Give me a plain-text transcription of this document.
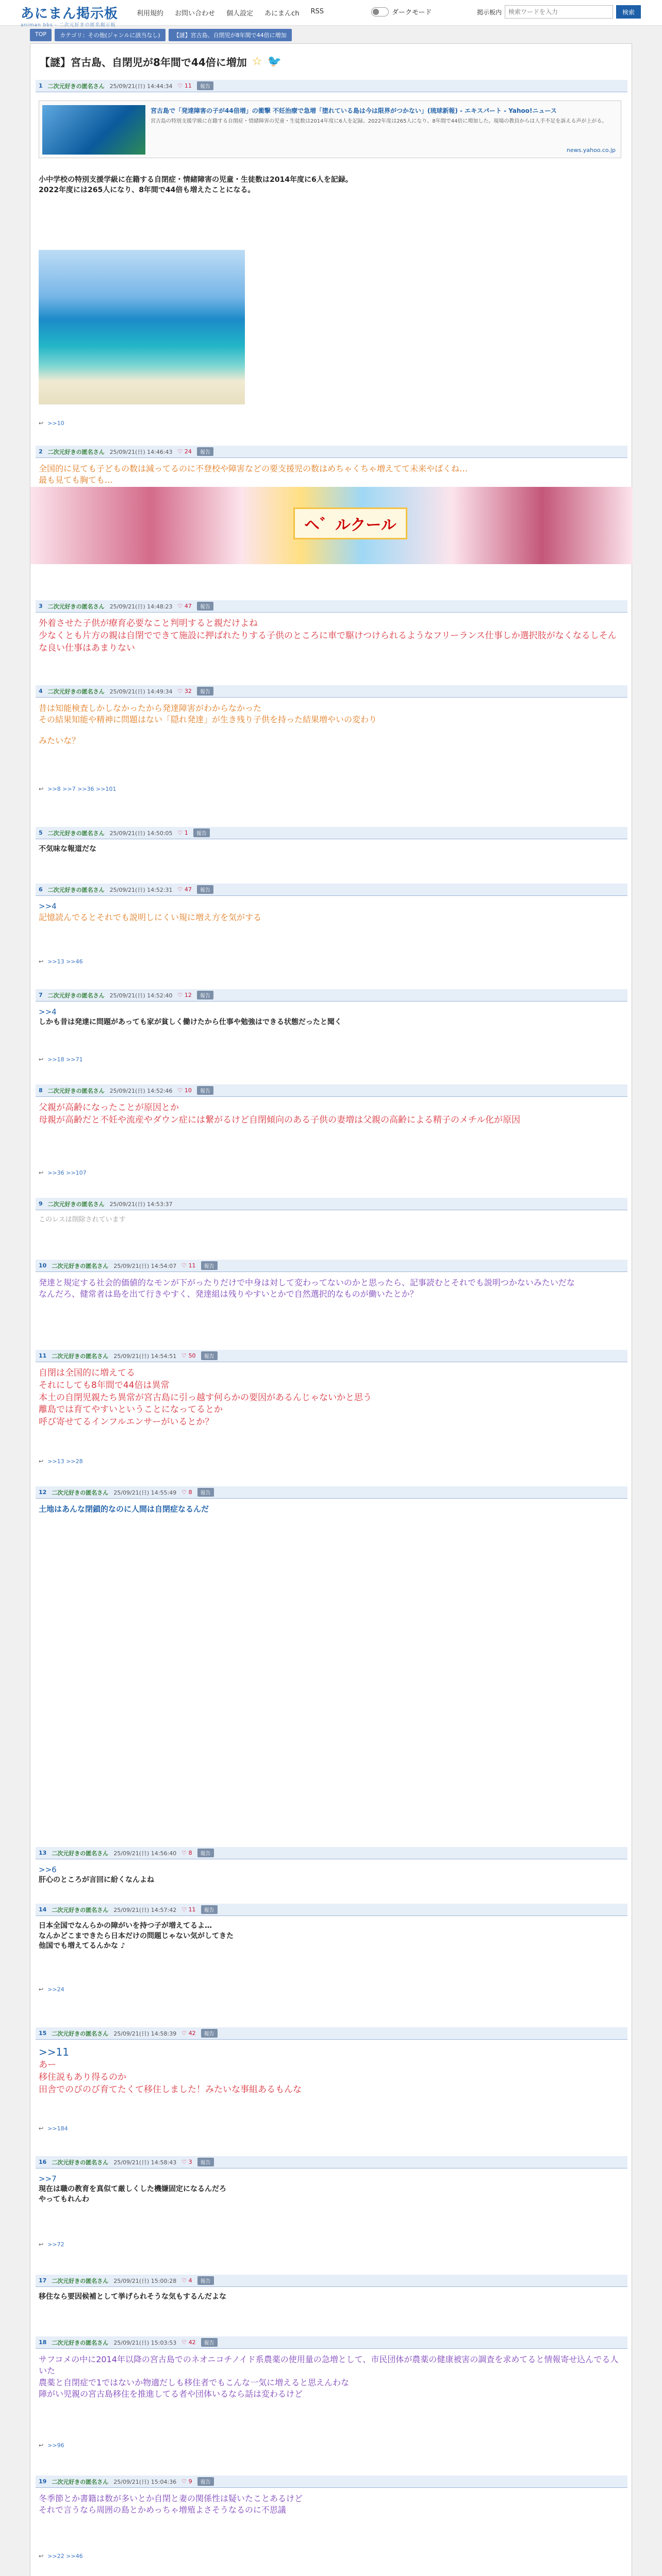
あにまん掲示板
animan bbs - 二次元好きの匿名掲示板
利用規約 お問い合わせ 個人設定 あにまんch RSS	ダークモード	掲示板内
検索ワードを入力	検索
TOP	カテゴリ：その他(ジャンルに該当なし)	【謎】宮古島、自閉児が8年間で44倍に増加
【謎】宮古島、自閉児が8年間で44倍に増加 ☆ 🐦
1 二次元好きの匿名さん 25/09/21(日) 14:44:34 ♡ 11	報告
宮古島で「発達障害の子が44倍増」の衝撃 不妊治療で急増「堕れている島は今は限界がつかない」(琉球新報) - エキスパート - Yahoo!ニュース
宮古島の特別支援学級に在籍する自閉症・情緒障害の児童・生徒数は2014年度に6人を記録。2022年度は265人になり、8年間で44倍に増加した。現場の教員からは人手不足を訴える声が上がる。
news.yahoo.co.jp
小中学校の特別支援学級に在籍する自閉症・情緒障害の児童・生徒数は2014年度に6人を記録。
2022年度には265人になり、8年間で44倍も増えたことになる。
↩ >>10
2 二次元好きの匿名さん 25/09/21(日) 14:46:43 ♡ 24	報告
全国的に見ても子どもの数は減ってるのに不登校や障害などの要支援児の数はめちゃくちゃ増えてて未来やばくね…
最も見ても胸ても…
ヘ゛ルクール
3 二次元好きの匿名さん 25/09/21(日) 14:48:23 ♡ 47	報告
外着させた子供が療育必要なこと判明すると親だけよね
少なくとも片方の親は自閉でできて施設に押ばれたりする子供のところに車で駆けつけられるようなフリーランス仕事しか選択肢がなくなるしそんな良い仕事はあまりない
4 二次元好きの匿名さん 25/09/21(日) 14:49:34 ♡ 32	報告
昔は知能検査しかしなかったから発達障害がわからなかった
その結果知能や精神に問題はない「隠れ発達」が生き残り子供を持った結果増やいの変わり
みたいな？
↩ >>8 >>7 >>36 >>101
5 二次元好きの匿名さん 25/09/21(日) 14:50:05 ♡ 1	報告
不気味な報道だな
6 二次元好きの匿名さん 25/09/21(日) 14:52:31 ♡ 47	報告
>>4
記憶読んでるとそれでも説明しにくい規に増え方を気がする
↩ >>13 >>46
7 二次元好きの匿名さん 25/09/21(日) 14:52:40 ♡ 12	報告
>>4
しかも昔は発達に問題があっても家が貧しく働けたから仕事や勉強はできる状態だったと聞く
↩ >>18 >>71
8 二次元好きの匿名さん 25/09/21(日) 14:52:46 ♡ 10	報告
父親が高齢になったことが原因とか
母親が高齢だと不妊や流産やダウン症には繋がるけど自閉傾向のある子供の妻増は父親の高齢による精子のメチル化が原因
↩ >>36 >>107
9 二次元好きの匿名さん 25/09/21(日) 14:53:37
このレスは削除されています
10 二次元好きの匿名さん 25/09/21(日) 14:54:07 ♡ 11	報告
発達と規定する社会的価値的なモンが下がったりだけで中身は対して変わってないのかと思ったら、記事読むとそれでも説明つかないみたいだな
なんだろ、健常者は島を出て行きやすく、発達組は残りやすいとかで自然選択的なものが働いたとか？
11 二次元好きの匿名さん 25/09/21(日) 14:54:51 ♡ 50	報告
自閉は全国的に増えてる
それにしても8年間で44倍は異常
本土の自閉児親たち異常が宮古島に引っ越す何らかの要因があるんじゃないかと思う
離島では育てやすいということになってるとか
呼び寄せてるインフルエンサーがいるとか？
↩ >>13 >>28
12 二次元好きの匿名さん 25/09/21(日) 14:55:49 ♡ 8	報告
土地はあんな閉鎖的なのに人間は自閉症なるんだ
13 二次元好きの匿名さん 25/09/21(日) 14:56:40 ♡ 8	報告
>>6
肝心のところが言回に紛くなんよね
14 二次元好きの匿名さん 25/09/21(日) 14:57:42 ♡ 11	報告
日本全国でなんらかの障がいを持つ子が増えてるよ…
なんかどこまできたら日本だけの問題じゃない気がしてきた
他国でも増えてるんかな ♪
↩ >>24
15 二次元好きの匿名さん 25/09/21(日) 14:58:39 ♡ 42	報告
>>11
あー
移住説もあり得るのか
田舎でのびのび育てたくて移住しました！みたいな事組あるもんな
↩ >>184
16 二次元好きの匿名さん 25/09/21(日) 14:58:43 ♡ 3	報告
>>7
現在は職の教育を真似て厳しくした機嫌固定になるんだろ
やってもれんわ
↩ >>72
17 二次元好きの匿名さん 25/09/21(日) 15:00:28 ♡ 4	報告
移住なら要因候補として挙げられそうな気もするんだよな
18 二次元好きの匿名さん 25/09/21(日) 15:03:53 ♡ 42	報告
サフコメの中に2014年以降の宮古島でのネオニコチノイド系農薬の使用量の急増として、市民団体が農薬の健康被害の調査を求めてると情報寄せ込んでる人いた
農薬と自閉症で1ではないか物適だしも移住者でもこんな一気に増えると思えんわな
陣がい児親の宮古島移住を推進してる者や団体いるなら話は変わるけど
↩ >>96
19 二次元好きの匿名さん 25/09/21(日) 15:04:36 ♡ 9	報告
冬季節とか書籍は数が多いとか自閉と妻の関係性は疑いたことあるけど
それで言うなら周囲の島とかめっちゃ増殖よさそうなるのに不思議
↩ >>22 >>46
